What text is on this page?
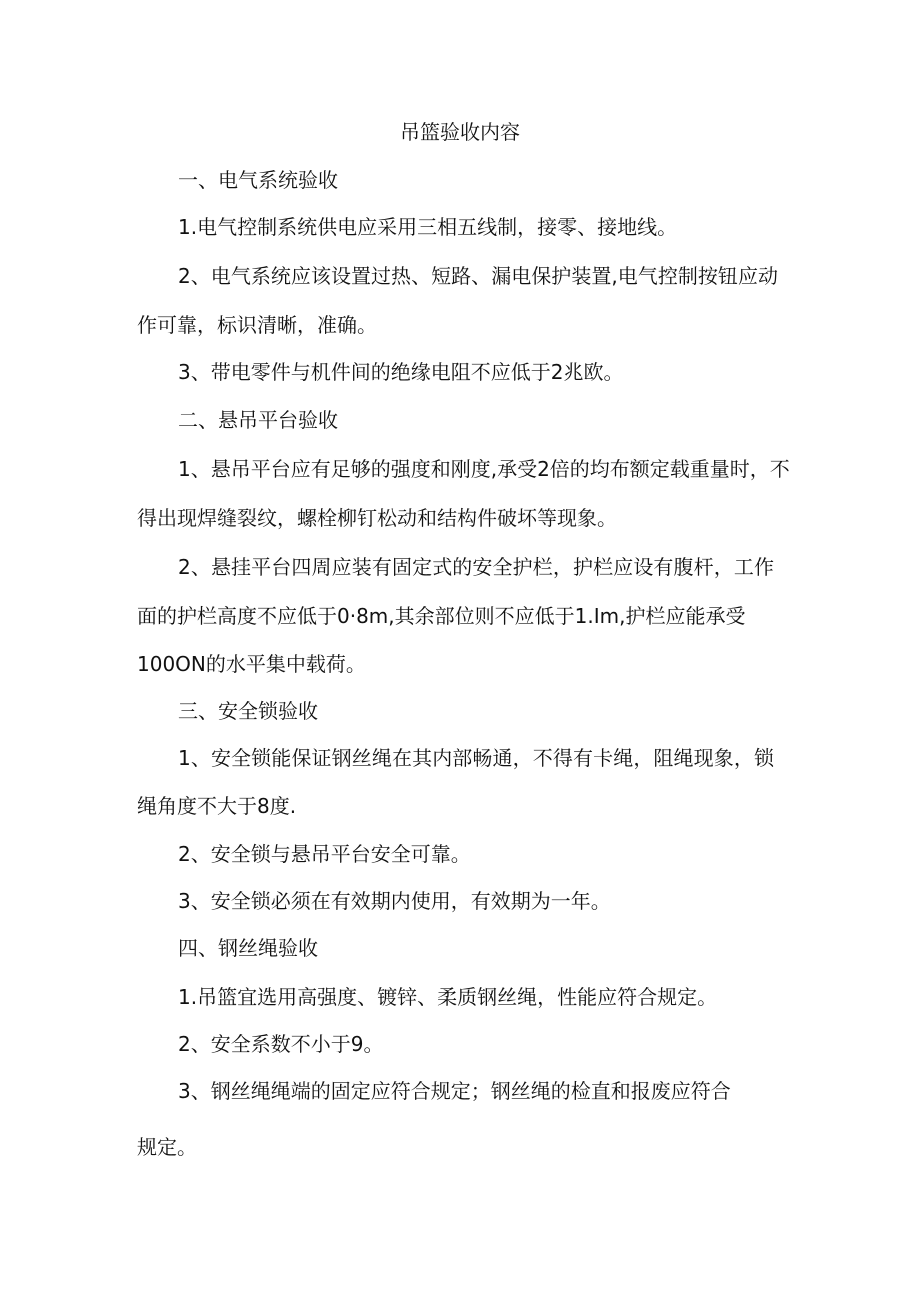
吊篮验收内容
一、电气系统验收
1.电气控制系统供电应采用三相五线制，接零、接地线。
2、电气系统应该设置过热、短路、漏电保护装置,电气控制按钮应动
作可靠，标识清晰，准确。
3、带电零件与机件间的绝缘电阻不应低于2兆欧。
二、悬吊平台验收
1、悬吊平台应有足够的强度和刚度,承受2倍的均布额定载重量时，不
得出现焊缝裂纹，螺栓柳钉松动和结构件破坏等现象。
2、悬挂平台四周应装有固定式的安全护栏，护栏应设有腹杆，工作
面的护栏高度不应低于0·8m,其余部位则不应低于1.Im,护栏应能承受
100ON的水平集中载荷。
三、安全锁验收
1、安全锁能保证钢丝绳在其内部畅通，不得有卡绳，阻绳现象，锁
绳角度不大于8度.
2、安全锁与悬吊平台安全可靠。
3、安全锁必须在有效期内使用，有效期为一年。
四、钢丝绳验收
1.吊篮宜选用高强度、镀锌、柔质钢丝绳，性能应符合规定。
2、安全系数不小于9。
3、钢丝绳绳端的固定应符合规定；钢丝绳的检直和报废应符合
规定。
